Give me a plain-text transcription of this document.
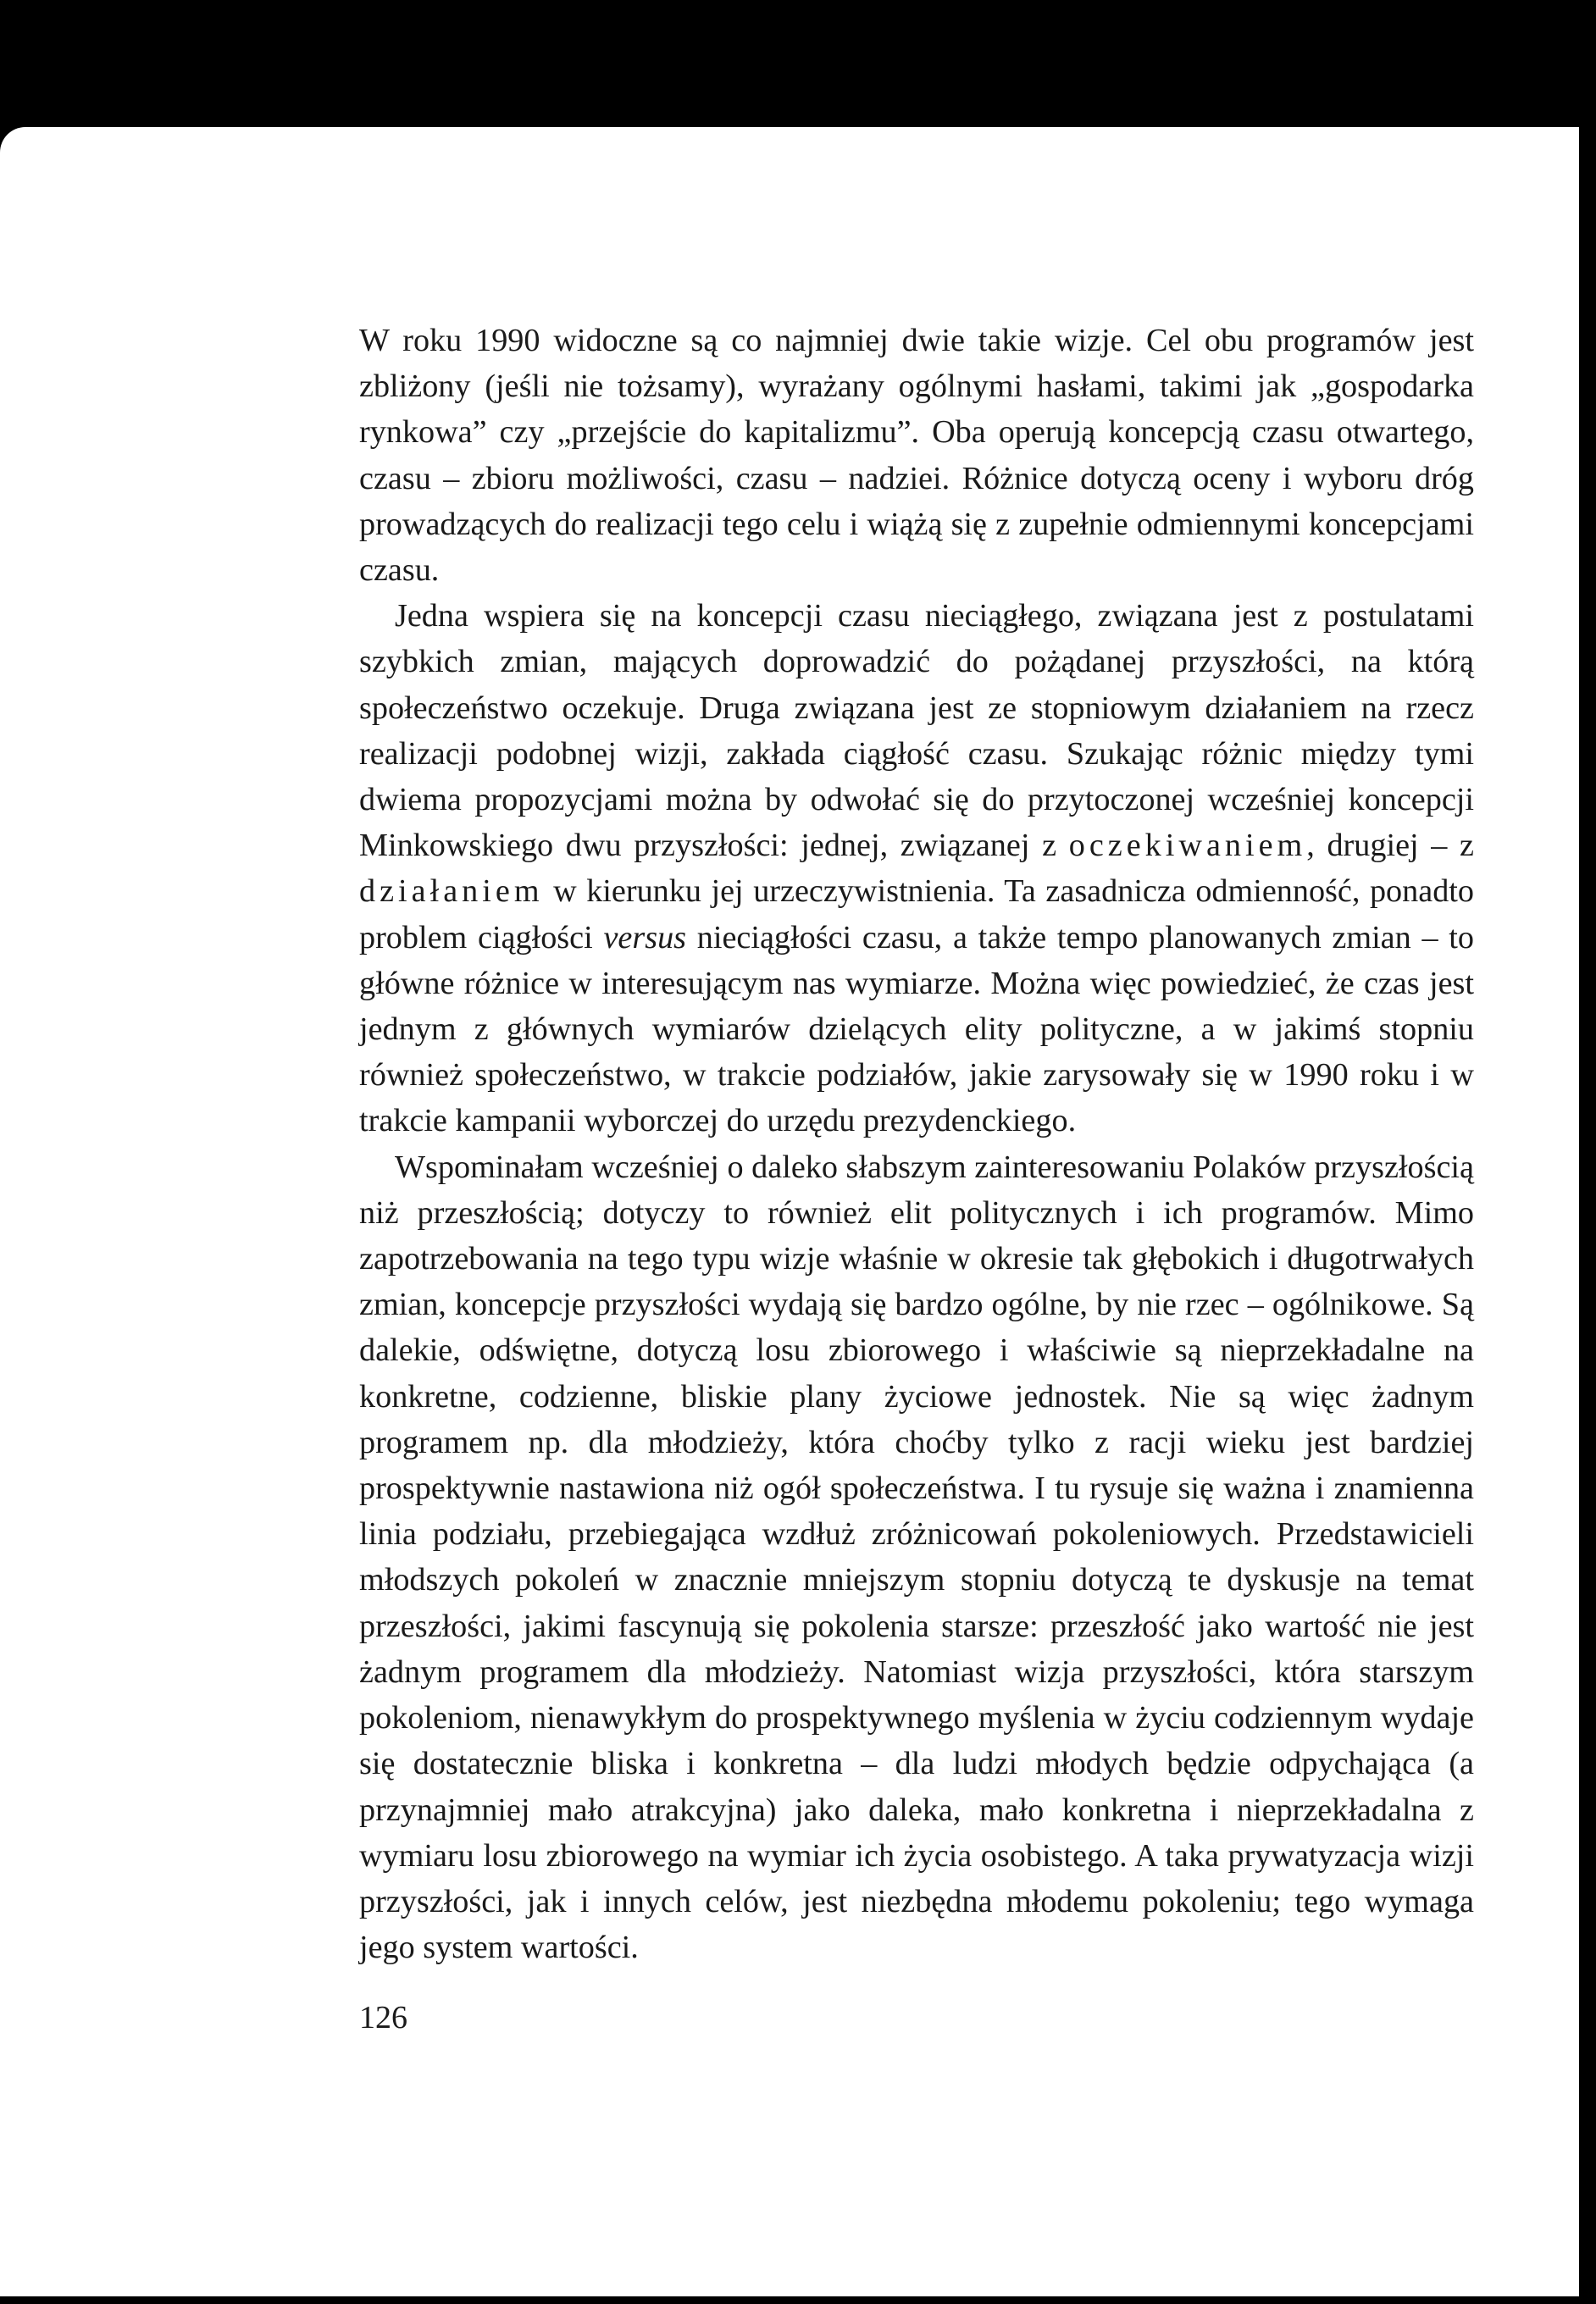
W roku 1990 widoczne są co najmniej dwie takie wizje. Cel obu programów jest zbliżony (jeśli nie tożsamy), wyrażany ogólnymi hasłami, takimi jak „gospodarka rynkowa” czy „przejście do kapitalizmu”. Oba operują koncepcją czasu otwartego, czasu – zbioru możliwości, czasu – nadziei. Różnice dotyczą oceny i wyboru dróg prowadzących do realizacji tego celu i wiążą się z zupełnie odmiennymi koncepcjami czasu.

Jedna wspiera się na koncepcji czasu nieciągłego, związana jest z postulatami szybkich zmian, mających doprowadzić do pożądanej przyszłości, na którą społeczeństwo oczekuje. Druga związana jest ze stopniowym działaniem na rzecz realizacji podobnej wizji, zakłada ciągłość czasu. Szukając różnic między tymi dwiema propozycjami można by odwołać się do przytoczonej wcześniej koncepcji Minkowskiego dwu przyszłości: jednej, związanej z oczekiwaniem, drugiej – z działaniem w kierunku jej urzeczywistnienia. Ta zasadnicza odmienność, ponadto problem ciągłości versus nieciągłości czasu, a także tempo planowanych zmian – to główne różnice w interesującym nas wymiarze. Można więc powiedzieć, że czas jest jednym z głównych wymiarów dzielących elity polityczne, a w jakimś stopniu również społeczeństwo, w trakcie podziałów, jakie zarysowały się w 1990 roku i w trakcie kampanii wyborczej do urzędu prezydenckiego.

Wspominałam wcześniej o daleko słabszym zainteresowaniu Polaków przyszłością niż przeszłością; dotyczy to również elit politycznych i ich programów. Mimo zapotrzebowania na tego typu wizje właśnie w okresie tak głębokich i długotrwałych zmian, koncepcje przyszłości wydają się bardzo ogólne, by nie rzec – ogólnikowe. Są dalekie, odświętne, dotyczą losu zbiorowego i właściwie są nieprzekładalne na konkretne, codzienne, bliskie plany życiowe jednostek. Nie są więc żadnym programem np. dla młodzieży, która choćby tylko z racji wieku jest bardziej prospektywnie nastawiona niż ogół społeczeństwa. I tu rysuje się ważna i znamienna linia podziału, przebiegająca wzdłuż zróżnicowań pokoleniowych. Przedstawicieli młodszych pokoleń w znacznie mniejszym stopniu dotyczą te dyskusje na temat przeszłości, jakimi fascynują się pokolenia starsze: przeszłość jako wartość nie jest żadnym programem dla młodzieży. Natomiast wizja przyszłości, która starszym pokoleniom, nienawykłym do prospektywnego myślenia w życiu codziennym wydaje się dostatecznie bliska i konkretna – dla ludzi młodych będzie odpychająca (a przynajmniej mało atrakcyjna) jako daleka, mało konkretna i nieprzekładalna z wymiaru losu zbiorowego na wymiar ich życia osobistego. A taka prywatyzacja wizji przyszłości, jak i innych celów, jest niezbędna młodemu pokoleniu; tego wymaga jego system wartości.

126
